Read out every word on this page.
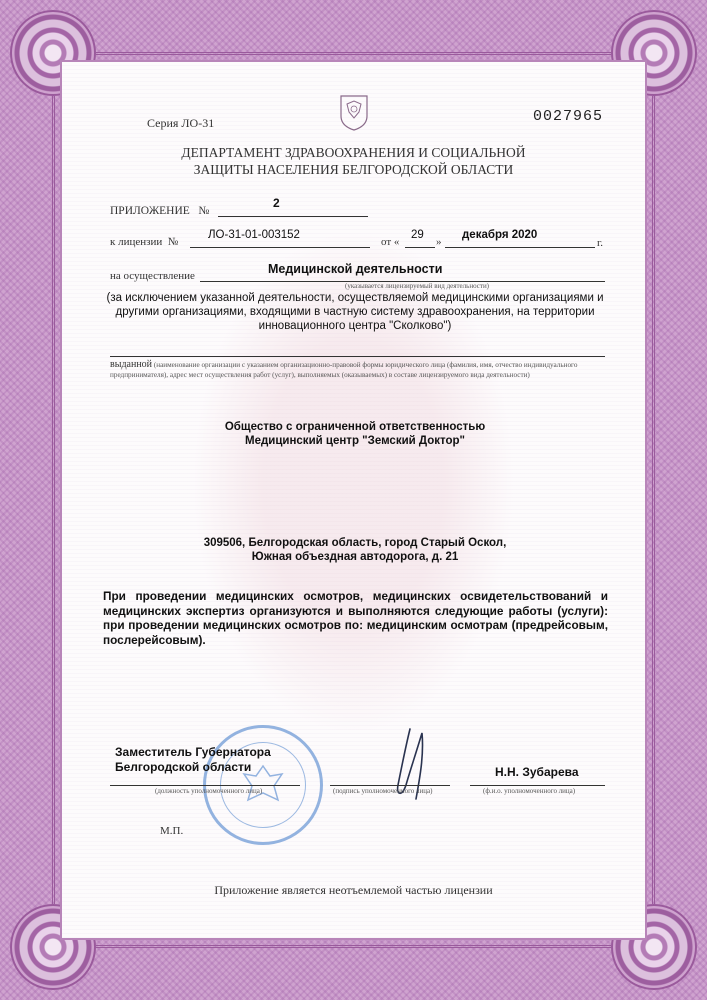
Серия ЛО-31	0027965
ДЕПАРТАМЕНТ ЗДРАВООХРАНЕНИЯ И СОЦИАЛЬНОЙ
ЗАЩИТЫ НАСЕЛЕНИЯ БЕЛГОРОДСКОЙ ОБЛАСТИ
ПРИЛОЖЕНИЕ №
2
к лицензии №
ЛО-31-01-003152
от «
29
»
декабря 2020
г.
на осуществление	Медицинской деятельности
(указывается лицензируемый вид деятельности)
(за исключением указанной деятельности, осуществляемой медицинскими организациями и другими организациями, входящими в частную систему здравоохранения, на территории инновационного центра "Сколково")
выданной (наименование организации с указанием организационно-правовой формы юридического лица (фамилия, имя, отчество индивидуального предпринимателя), адрес мест осуществления работ (услуг), выполняемых (оказываемых) в составе лицензируемого вида деятельности)
Общество с ограниченной ответственностью
Медицинский центр "Земский Доктор"
309506, Белгородская область, город Старый Оскол,
Южная объездная автодорога, д. 21
При проведении медицинских осмотров, медицинских освидетельствований и медицинских экспертиз организуются и выполняются следующие работы (услуги): при проведении медицинских осмотров по: медицинским осмотрам (предрейсовым, послерейсовым).
Заместитель Губернатора
Белгородской области
(должность уполномоченного лица)	(подпись уполномоченного лица)
Н.Н. Зубарева
(ф.и.о. уполномоченного лица)
М.П.
Приложение является неотъемлемой частью лицензии
